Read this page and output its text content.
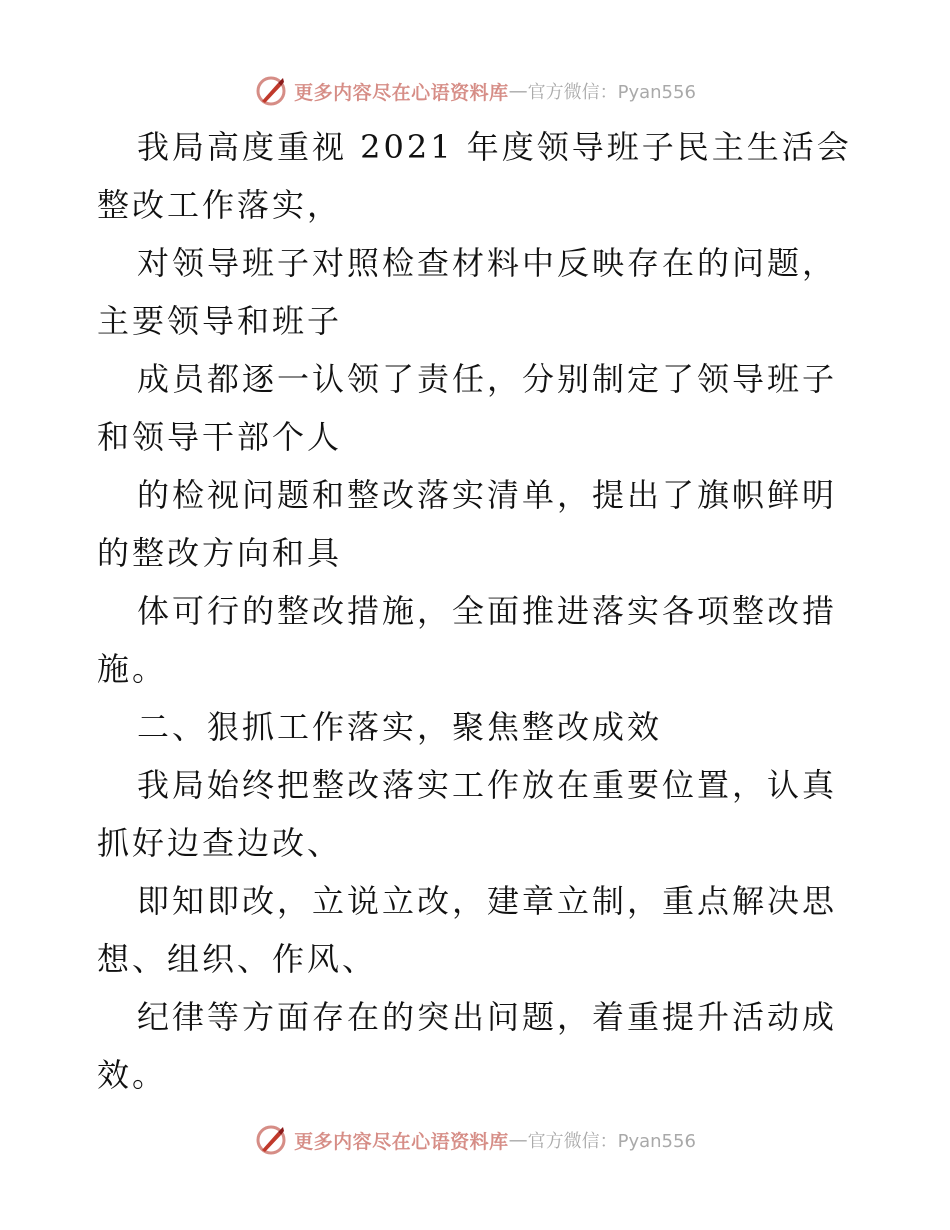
更多内容尽在心语资料库 — 官方微信：Pyan556

我局高度重视 2021 年度领导班子民主生活会整改工作落实，

对领导班子对照检查材料中反映存在的问题，主要领导和班子

成员都逐一认领了责任，分别制定了领导班子和领导干部个人

的检视问题和整改落实清单，提出了旗帜鲜明的整改方向和具

体可行的整改措施，全面推进落实各项整改措施。

二、狠抓工作落实，聚焦整改成效

我局始终把整改落实工作放在重要位置，认真抓好边查边改、

即知即改，立说立改，建章立制，重点解决思想、组织、作风、

纪律等方面存在的突出问题，着重提升活动成效。

更多内容尽在心语资料库 — 官方微信：Pyan556
